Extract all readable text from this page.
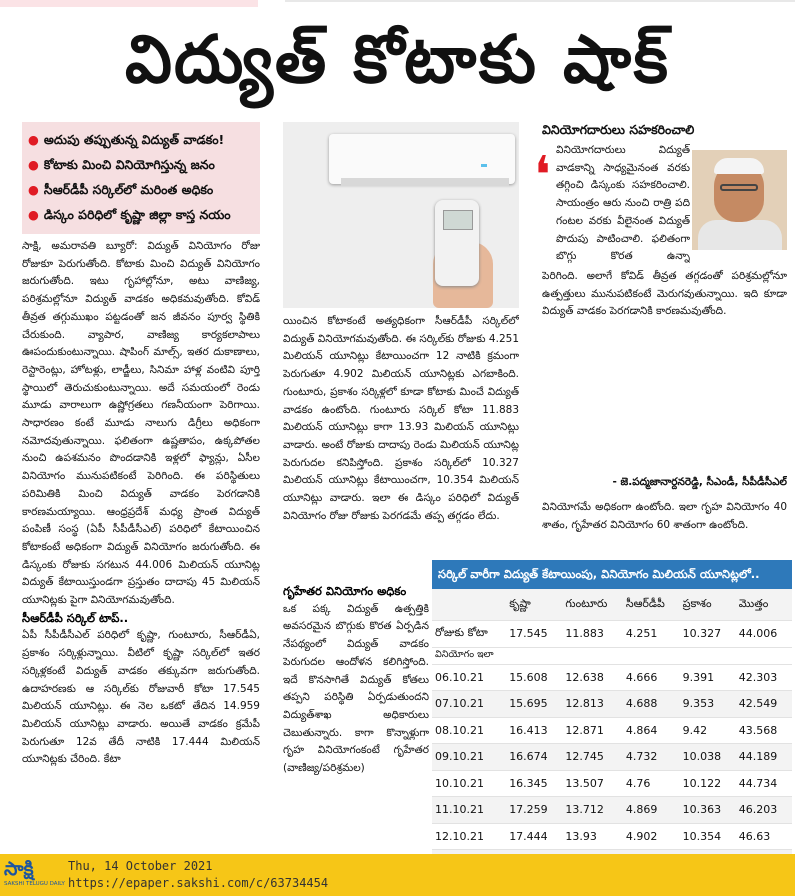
విద్యుత్ కోటాకు షాక్
● అదుపు తప్పుతున్న విద్యుత్ వాడకం!
● కోటాకు మించి వినియోగిస్తున్న జనం
● సీఆర్‌డీపీ సర్కిల్‌లో మరింత అధికం
● డిస్కం పరిధిలో కృష్ణా జిల్లా కాస్త నయం

సాక్షి, అమరావతి బ్యూరో: విద్యుత్ వినియోగం రోజు రోజుకూ పెరుగుతోంది. కోటాకు మించి విద్యుత్ వినియోగం జరుగుతోంది. ఇటు గృహాల్లోనూ, అటు వాణిజ్య, పరిశ్రమల్లోనూ విద్యుత్ వాడకం అధికమవుతోంది. కోవిడ్ తీవ్రత తగ్గుముఖం పట్టడంతో జన జీవనం పూర్వ స్థితికి చేరుకుంది. వ్యాపార, వాణిజ్య కార్యకలాపాలు ఊపందుకుంటున్నాయి. షాపింగ్ మాల్స్, ఇతర దుకాణాలు, రెస్టారెంట్లు, హోటళ్లు, లాడ్జీలు, సినిమా హాళ్ల వంటివి పూర్తి స్థాయిలో తెరుచుకుంటున్నాయి. అదే సమయంలో రెండు మూడు వారాలుగా ఉష్ణోగ్రతలు గణనీయంగా పెరిగాయి. సాధారణం కంటే మూడు నాలుగు డిగ్రీలు అధికంగా నమోదవుతున్నాయి. ఫలితంగా ఉష్ణతాపం, ఉక్కపోతల నుంచి ఉపశమనం పొందడానికి ఇళ్లలో ఫ్యాన్లు, ఏసీల వినియోగం మునుపటికంటే పెరిగింది. ఈ పరిస్థితులు పరిమితికి మించి విద్యుత్ వాడకం పెరగడానికి కారణమయ్యాయి. ఆంధ్రప్రదేశ్ మధ్య ప్రాంత విద్యుత్ పంపిణీ సంస్థ (ఏపీ సీపీడీసీఎల్) పరిధిలో కేటాయించిన కోటాకంటే అధికంగా విద్యుత్ వినియోగం జరుగుతోంది. ఈ డిస్కంకు రోజుకు సగటున 44.006 మిలియన్ యూనిట్ల విద్యుత్ కేటాయిస్తుండగా ప్రస్తుతం దాదాపు 45 మిలియన్ యూనిట్లకు పైగా వినియోగమవుతోంది.

సీఆర్‌డీపీ సర్కిల్ టాప్..

ఏపీ సీపీడీసీఎల్ పరిధిలో కృష్ణా, గుంటూరు, సీఆర్‌డీఏ, ప్రకాశం సర్కిళ్లున్నాయి. వీటిలో కృష్ణా సర్కిల్‌లో ఇతర సర్కిళ్లకంటే విద్యుత్ వాడకం తక్కువగా జరుగుతోంది. ఉదాహరణకు ఆ సర్కిల్‌కు రోజువారీ కోటా 17.545 మిలియన్ యూనిట్లు. ఈ నెల ఒకటో తేదిన 14.959 మిలియన్ యూనిట్లు వాడారు. అయితే వాడకం క్రమేపీ పెరుగుతూ 12వ తేదీ నాటికి 17.444 మిలియన్ యూనిట్లకు చేరింది. కేటా

యించిన కోటాకంటే అత్యధికంగా సీఆర్‌డీపీ సర్కిల్‌లో విద్యుత్ వినియోగమవుతోంది. ఈ సర్కిల్‌కు రోజుకు 4.251 మిలియన్ యూనిట్లు కేటాయించగా 12 నాటికి క్రమంగా పెరుగుతూ 4.902 మిలియన్ యూనిట్లకు ఎగబాకింది. గుంటూరు, ప్రకాశం సర్కిళ్లలో కూడా కోటాకు మించే విద్యుత్ వాడకం ఉంటోంది. గుంటూరు సర్కిల్ కోటా 11.883 మిలియన్ యూనిట్లు కాగా 13.93 మిలియన్ యూనిట్లు వాడారు. అంటే రోజుకు దాదాపు రెండు మిలియన్ యూనిట్ల పెరుగుదల కనిపిస్తోంది. ప్రకాశం సర్కిల్‌లో 10.327 మిలియన్ యూనిట్లు కేటాయించగా, 10.354 మిలియన్ యూనిట్లు వాడారు. ఇలా ఈ డిస్కం పరిధిలో విద్యుత్ వినియోగం రోజు రోజుకు పెరగడమే తప్ప తగ్గడం లేదు.

గృహేతర వినియోగం అధికం

ఒక పక్క విద్యుత్ ఉత్పత్తికి అవసరమైన బొగ్గుకు కొరత ఏర్పడిన నేపథ్యంలో విద్యుత్ వాడకం పెరుగుదల ఆందోళన కలిగిస్తోంది. ఇదే కొనసాగితే విద్యుత్ కోతలు తప్పని పరిస్థితి ఏర్పడుతుందని విద్యుత్‌శాఖ అధికారులు చెబుతున్నారు. కాగా కొన్నాళ్లుగా గృహ వినియోగంకంటే గృహేతర (వాణిజ్య/పరిశ్రమల)

వినియోగదారులు సహకరించాలి
❛ వినియోగదారులు విద్యుత్ వాడకాన్ని సాధ్యమైనంత వరకు తగ్గించి డిస్కంకు సహకరించాలి. సాయంత్రం ఆరు నుంచి రాత్రి పది గంటల వరకు వీలైనంత విద్యుత్ పొదుపు పాటించాలి. ఫలితంగా బొగ్గు కొరత ఉన్నా

పెరిగింది. అలాగే కోవిడ్ తీవ్రత తగ్గడంతో పరిశ్రమల్లోనూ ఉత్పత్తులు మునుపటికంటే మెరుగవుతున్నాయి. ఇది కూడా విద్యుత్ వాడకం పెరగడానికి కారణమవుతోంది.

- జె.పద్మజానార్దనరెడ్డి, సీఎండీ, సీపీడీసీఎల్

వినియోగమే అధికంగా ఉంటోంది. ఇలా గృహ వినియోగం 40 శాతం, గృహేతర వినియోగం 60 శాతంగా ఉంటోంది.

సర్కిల్ వారీగా విద్యుత్ కేటాయింపు, వినియోగం మిలియన్ యూనిట్లలో..
	కృష్ణా	గుంటూరు	సీఆర్‌డీపీ	ప్రకాశం	మొత్తం
రోజుకు కోటా	17.545	11.883	4.251	10.327	44.006
వినియోగం ఇలా					
06.10.21	15.608	12.638	4.666	9.391	42.303
07.10.21	15.695	12.813	4.688	9.353	42.549
08.10.21	16.413	12.871	4.864	9.42	43.568
09.10.21	16.674	12.745	4.732	10.038	44.189
10.10.21	16.345	13.507	4.76	10.122	44.734
11.10.21	17.259	13.712	4.869	10.363	46.203
12.10.21	17.444	13.93	4.902	10.354	46.63
సాక్షి
SAKSHI TELUGU DAILY
Thu, 14 October 2021
https://epaper.sakshi.com/c/63734454
